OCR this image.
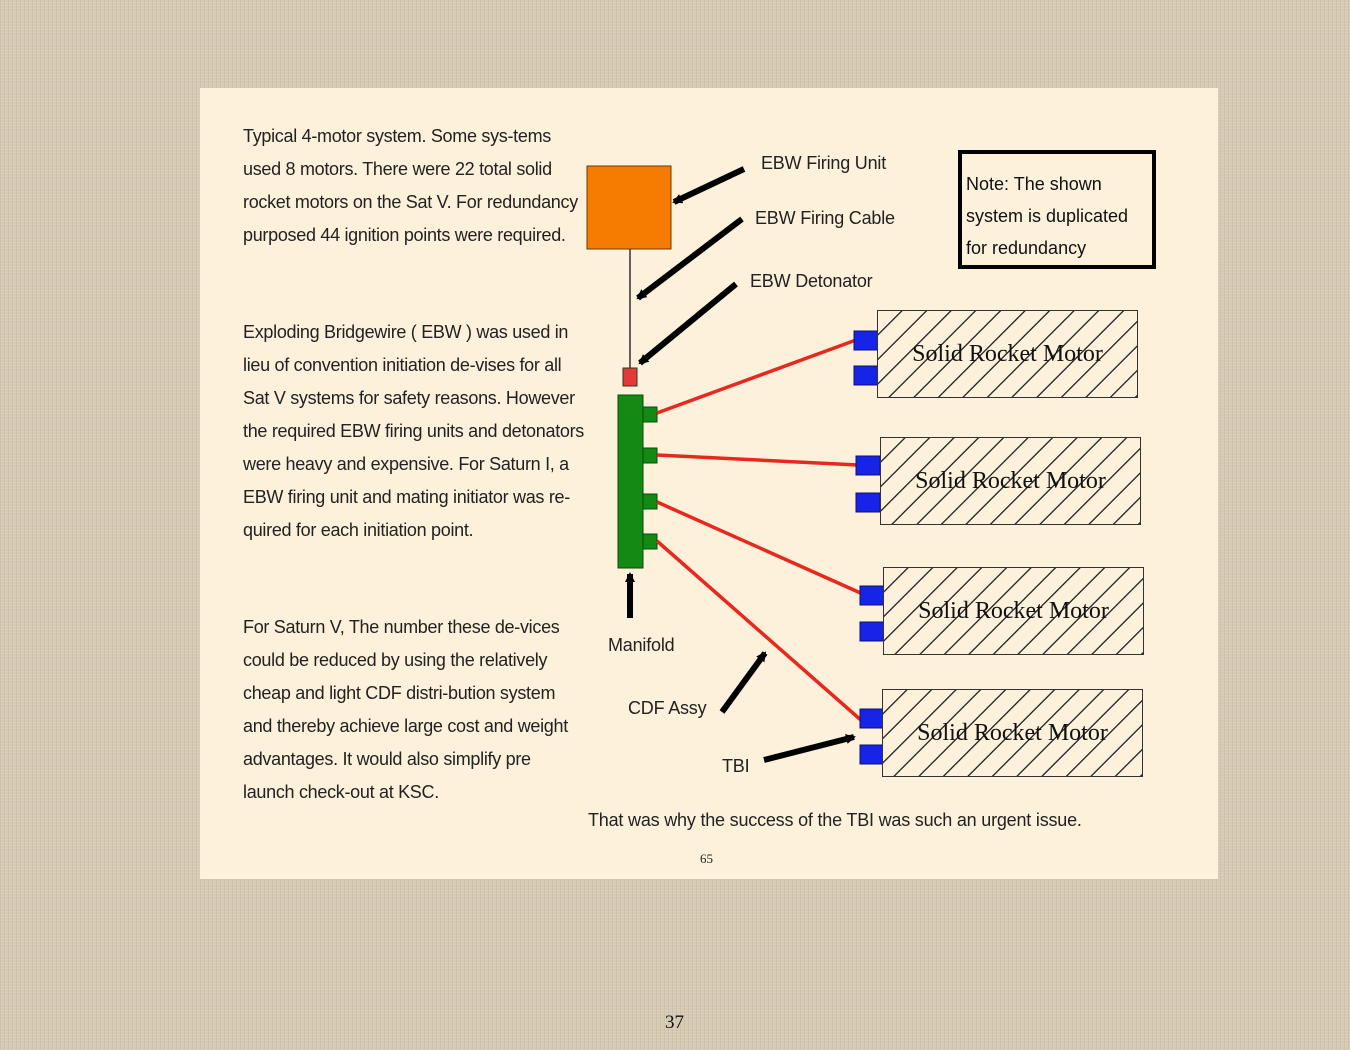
Typical 4-motor system. Some sys-tems used 8 motors. There were 22 total solid rocket motors on the Sat V. For redundancy purposed 44 ignition points were required.

Exploding Bridgewire ( EBW ) was used in lieu of convention initiation de-vises for all Sat V systems for safety reasons. However the required EBW firing units and detonators were heavy and expensive. For Saturn I, a EBW firing unit and mating initiator was re-quired for each initiation point.

For Saturn V, The number these de-vices could be reduced by using the relatively cheap and light CDF distri-bution system and thereby achieve large cost and weight advantages. It would also simplify pre launch check-out at KSC.

EBW Firing Unit
EBW Firing Cable
EBW Detonator
Manifold
CDF Assy
TBI
Note: The shown
system is duplicated
for redundancy
Solid Rocket Motor
Solid Rocket Motor
Solid Rocket Motor
Solid Rocket Motor
That was why the success of the TBI was such an urgent issue.
65
37
